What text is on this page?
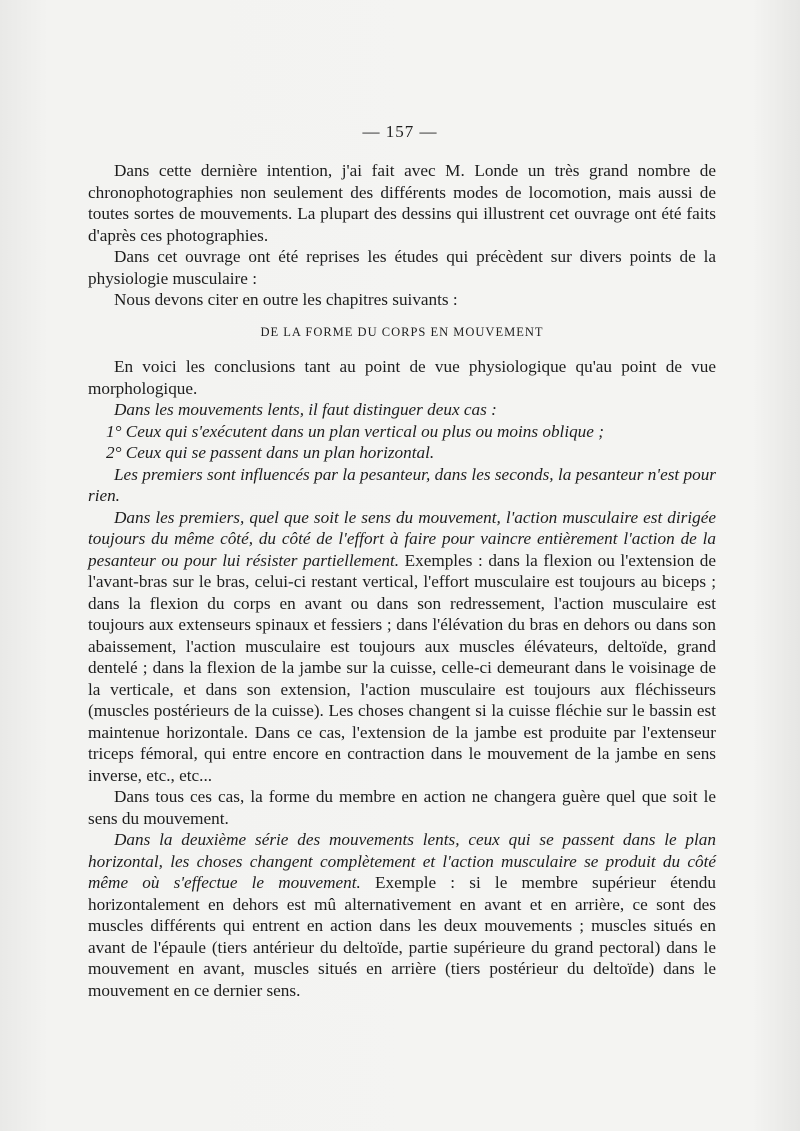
— 157 —

Dans cette dernière intention, j'ai fait avec M. Londe un très grand nombre de chronophotographies non seulement des différents modes de locomotion, mais aussi de toutes sortes de mouvements. La plupart des dessins qui illustrent cet ouvrage ont été faits d'après ces photographies.

Dans cet ouvrage ont été reprises les études qui précèdent sur divers points de la physiologie musculaire :

Nous devons citer en outre les chapitres suivants :

DE LA FORME DU CORPS EN MOUVEMENT

En voici les conclusions tant au point de vue physiologique qu'au point de vue morphologique.

Dans les mouvements lents, il faut distinguer deux cas :

1° Ceux qui s'exécutent dans un plan vertical ou plus ou moins oblique ;

2° Ceux qui se passent dans un plan horizontal.

Les premiers sont influencés par la pesanteur, dans les seconds, la pesanteur n'est pour rien.

Dans les premiers, quel que soit le sens du mouvement, l'action musculaire est dirigée toujours du même côté, du côté de l'effort à faire pour vaincre entièrement l'action de la pesanteur ou pour lui résister partiellement. Exemples : dans la flexion ou l'extension de l'avant-bras sur le bras, celui-ci restant vertical, l'effort musculaire est toujours au biceps ; dans la flexion du corps en avant ou dans son redressement, l'action musculaire est toujours aux extenseurs spinaux et fessiers ; dans l'élévation du bras en dehors ou dans son abaissement, l'action musculaire est toujours aux muscles élévateurs, deltoïde, grand dentelé ; dans la flexion de la jambe sur la cuisse, celle-ci demeurant dans le voisinage de la verticale, et dans son extension, l'action musculaire est toujours aux fléchisseurs (muscles postérieurs de la cuisse). Les choses changent si la cuisse fléchie sur le bassin est maintenue horizontale. Dans ce cas, l'extension de la jambe est produite par l'extenseur triceps fémoral, qui entre encore en contraction dans le mouvement de la jambe en sens inverse, etc., etc...

Dans tous ces cas, la forme du membre en action ne changera guère quel que soit le sens du mouvement.

Dans la deuxième série des mouvements lents, ceux qui se passent dans le plan horizontal, les choses changent complètement et l'action musculaire se produit du côté même où s'effectue le mouvement. Exemple : si le membre supérieur étendu horizontalement en dehors est mû alternativement en avant et en arrière, ce sont des muscles différents qui entrent en action dans les deux mouvements ; muscles situés en avant de l'épaule (tiers antérieur du deltoïde, partie supérieure du grand pectoral) dans le mouvement en avant, muscles situés en arrière (tiers postérieur du deltoïde) dans le mouvement en ce dernier sens.
